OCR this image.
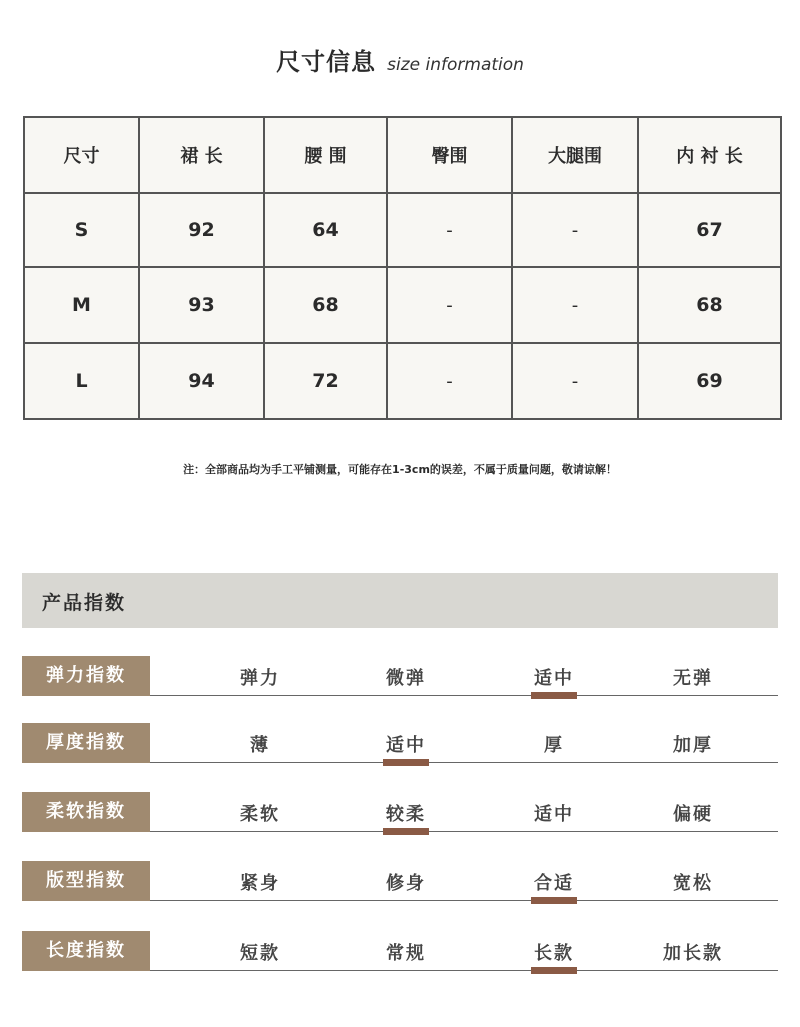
尺寸信息 size information
尺寸	裙 长	腰 围	臀围	大腿围	内 衬 长
S	92	64	-	-	67
M	93	68	-	-	68
L	94	72	-	-	69
注：全部商品均为手工平铺测量，可能存在1-3cm的误差，不属于质量问题，敬请谅解！
产品指数
弹力指数	弹力	微弹	适中	无弹
厚度指数	薄	适中	厚	加厚
柔软指数	柔软	较柔	适中	偏硬
版型指数	紧身	修身	合适	宽松
长度指数	短款	常规	长款	加长款
